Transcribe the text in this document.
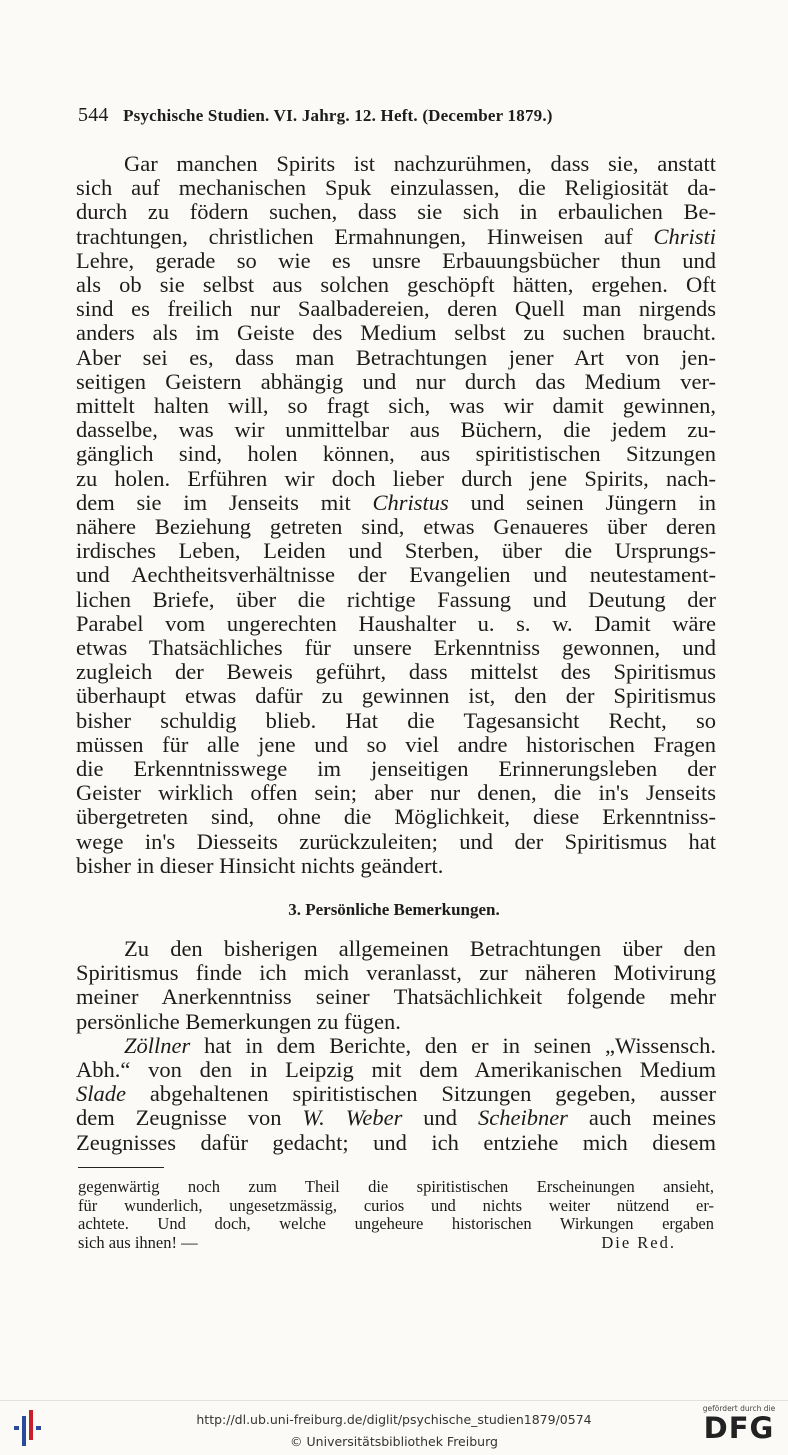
544 Psychische Studien. VI. Jahrg. 12. Heft. (December 1879.)
Gar manchen Spirits ist nachzurühmen, dass sie, anstatt
sich auf mechanischen Spuk einzulassen, die Religiosität da-
durch zu födern suchen, dass sie sich in erbaulichen Be-
trachtungen, christlichen Ermahnungen, Hinweisen auf Christi
Lehre, gerade so wie es unsre Erbauungsbücher thun und
als ob sie selbst aus solchen geschöpft hätten, ergehen. Oft
sind es freilich nur Saalbadereien, deren Quell man nirgends
anders als im Geiste des Medium selbst zu suchen braucht.
Aber sei es, dass man Betrachtungen jener Art von jen-
seitigen Geistern abhängig und nur durch das Medium ver-
mittelt halten will, so fragt sich, was wir damit gewinnen,
dasselbe, was wir unmittelbar aus Büchern, die jedem zu-
gänglich sind, holen können, aus spiritistischen Sitzungen
zu holen. Erführen wir doch lieber durch jene Spirits, nach-
dem sie im Jenseits mit Christus und seinen Jüngern in
nähere Beziehung getreten sind, etwas Genaueres über deren
irdisches Leben, Leiden und Sterben, über die Ursprungs-
und Aechtheitsverhältnisse der Evangelien und neutestament-
lichen Briefe, über die richtige Fassung und Deutung der
Parabel vom ungerechten Haushalter u. s. w. Damit wäre
etwas Thatsächliches für unsere Erkenntniss gewonnen, und
zugleich der Beweis geführt, dass mittelst des Spiritismus
überhaupt etwas dafür zu gewinnen ist, den der Spiritismus
bisher schuldig blieb. Hat die Tagesansicht Recht, so
müssen für alle jene und so viel andre historischen Fragen
die Erkenntnisswege im jenseitigen Erinnerungsleben der
Geister wirklich offen sein; aber nur denen, die in's Jenseits
übergetreten sind, ohne die Möglichkeit, diese Erkenntniss-
wege in's Diesseits zurückzuleiten; und der Spiritismus hat
bisher in dieser Hinsicht nichts geändert.
3. Persönliche Bemerkungen.
Zu den bisherigen allgemeinen Betrachtungen über den
Spiritismus finde ich mich veranlasst, zur näheren Motivirung
meiner Anerkenntniss seiner Thatsächlichkeit folgende mehr
persönliche Bemerkungen zu fügen.
Zöllner hat in dem Berichte, den er in seinen „Wissensch.
Abh.“ von den in Leipzig mit dem Amerikanischen Medium
Slade abgehaltenen spiritistischen Sitzungen gegeben, ausser
dem Zeugnisse von W. Weber und Scheibner auch meines
Zeugnisses dafür gedacht; und ich entziehe mich diesem
gegenwärtig noch zum Theil die spiritistischen Erscheinungen ansieht,
für wunderlich, ungesetzmässig, curios und nichts weiter nützend er-
achtete. Und doch, welche ungeheure historischen Wirkungen ergaben
sich aus ihnen! —	Die Red.
http://dl.ub.uni-freiburg.de/diglit/psychische_studien1879/0574
© Universitätsbibliothek Freiburg
gefördert durch die
DFG
